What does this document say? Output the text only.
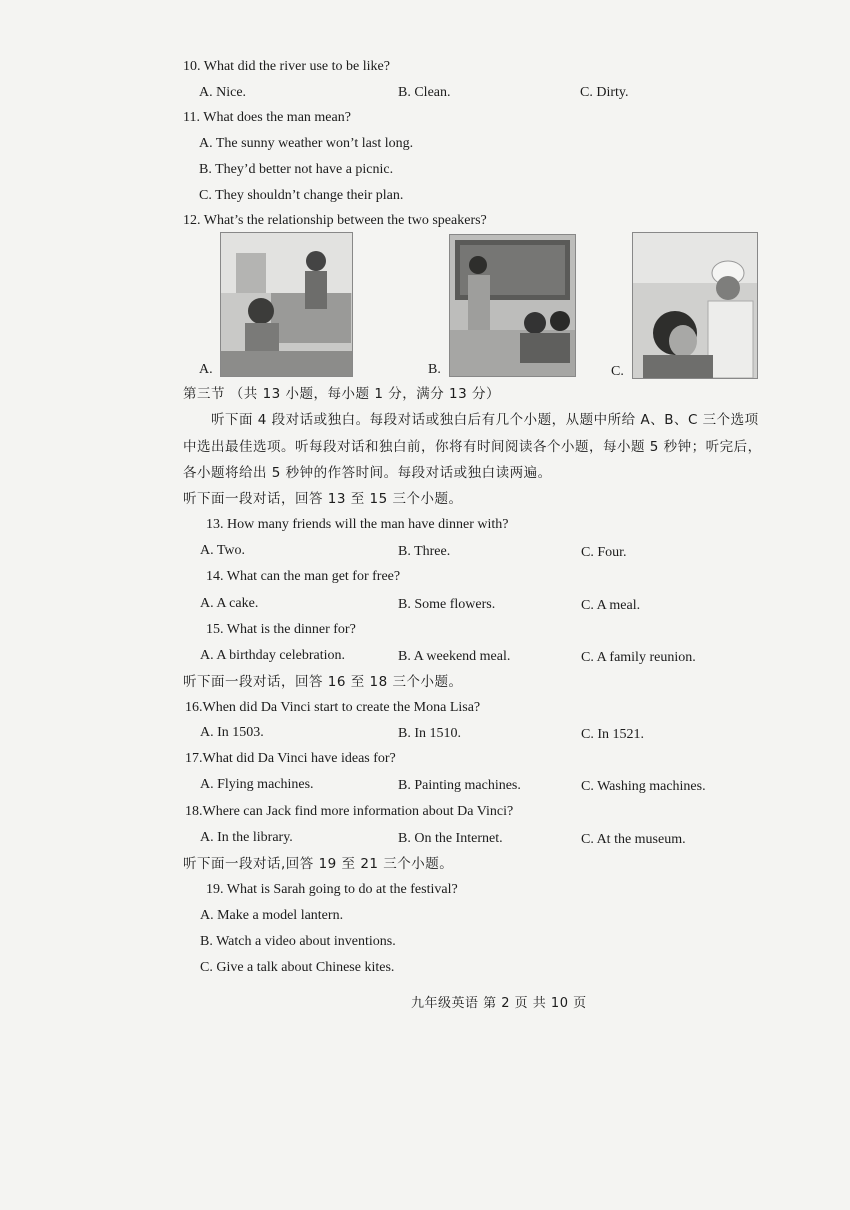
10. What did the river use to be like?
A. Nice.	B. Clean.	C. Dirty.
11. What does the man mean?
A. The sunny weather won’t last long.
B. They’d better not have a picnic.
C. They shouldn’t change their plan.
12. What’s the relationship between the two speakers?
A.	B.	C.
第三节 （共 13 小题，每小题 1 分，满分 13 分）
听下面 4 段对话或独白。每段对话或独白后有几个小题，从题中所给 A、B、C 三个选项
中选出最佳选项。听每段对话和独白前，你将有时间阅读各个小题，每小题 5 秒钟；听完后，
各小题将给出 5 秒钟的作答时间。每段对话或独白读两遍。
听下面一段对话，回答 13 至 15 三个小题。
13. How many friends will the man have dinner with?
A. Two.	B. Three.	C. Four.
14. What can the man get for free?
A. A cake.	B. Some flowers.	C. A meal.
15. What is the dinner for?
A. A birthday celebration.	B. A weekend meal.	C. A family reunion.
听下面一段对话，回答 16 至 18 三个小题。
16.When did Da Vinci start to create the Mona Lisa?
A. In 1503.	B. In 1510.	C. In 1521.
17.What did Da Vinci have ideas for?
A. Flying machines.	B. Painting machines.	C. Washing machines.
18.Where can Jack find more information about Da Vinci?
A. In the library.	B. On the Internet.	C. At the museum.
听下面一段对话,回答 19 至 21 三个小题。
19. What is Sarah going to do at the festival?
A. Make a model lantern.
B. Watch a video about inventions.
C. Give a talk about Chinese kites.
九年级英语 第 2 页 共 10 页
